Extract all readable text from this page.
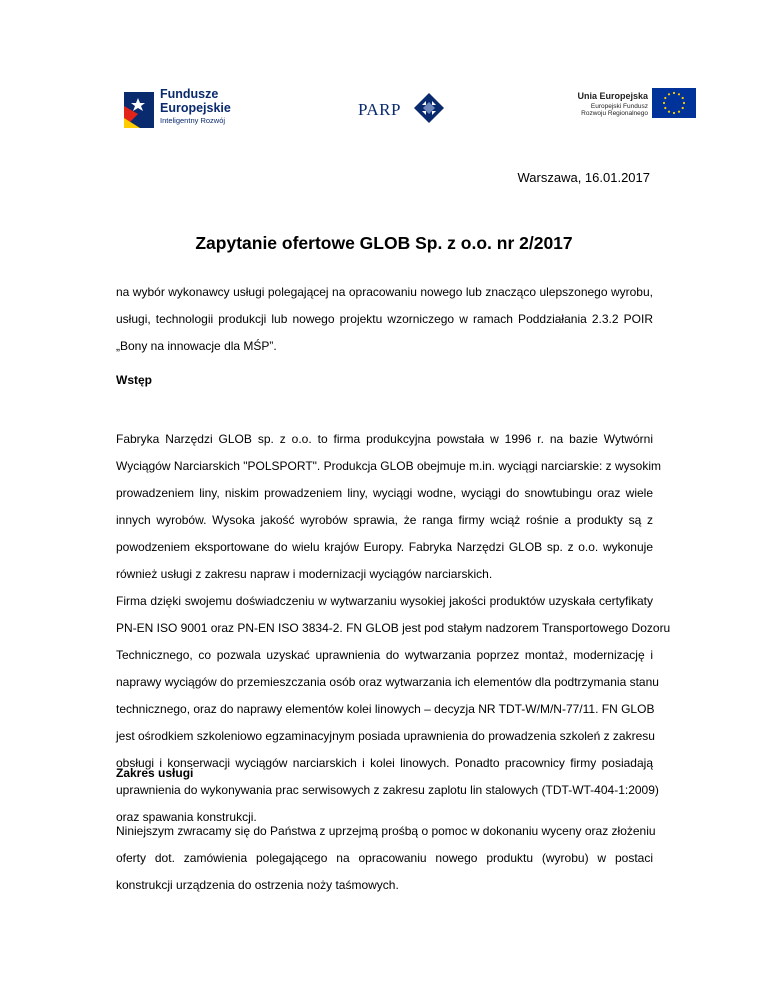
Fundusze
Europejskie
Inteligentny Rozwój
PARP
Unia Europejska
Europejski Fundusz
Rozwoju Regionalnego
Warszawa, 16.01.2017
Zapytanie ofertowe GLOB Sp. z o.o. nr 2/2017
na wybór wykonawcy usługi polegającej na opracowaniu nowego lub znacząco ulepszonego wyrobu,
usługi, technologii produkcji lub nowego projektu wzorniczego w ramach Poddziałania 2.3.2 POIR
„Bony na innowacje dla MŚP”.
Wstęp
Fabryka Narzędzi GLOB sp. z o.o. to firma produkcyjna powstała w 1996 r. na bazie Wytwórni
Wyciągów Narciarskich "POLSPORT". Produkcja GLOB obejmuje m.in. wyciągi narciarskie: z wysokim
prowadzeniem liny, niskim prowadzeniem liny, wyciągi wodne, wyciągi do snowtubingu oraz wiele
innych wyrobów. Wysoka jakość wyrobów sprawia, że ranga firmy wciąż rośnie a produkty są z
powodzeniem eksportowane do wielu krajów Europy. Fabryka Narzędzi GLOB sp. z o.o. wykonuje
również usługi z zakresu napraw i modernizacji wyciągów narciarskich.
Firma dzięki swojemu doświadczeniu w wytwarzaniu wysokiej jakości produktów uzyskała certyfikaty
PN-EN ISO 9001 oraz PN-EN ISO 3834-2. FN GLOB jest pod stałym nadzorem Transportowego Dozoru
Technicznego, co pozwala uzyskać uprawnienia do wytwarzania poprzez montaż, modernizację i
naprawy wyciągów do przemieszczania osób oraz wytwarzania ich elementów dla podtrzymania stanu
technicznego, oraz do naprawy elementów kolei linowych – decyzja NR TDT-W/M/N-77/11. FN GLOB
jest ośrodkiem szkoleniowo egzaminacyjnym posiada uprawnienia do prowadzenia szkoleń z zakresu
obsługi i konserwacji wyciągów narciarskich i kolei linowych. Ponadto pracownicy firmy posiadają
uprawnienia do wykonywania prac serwisowych z zakresu zaplotu lin stalowych (TDT-WT-404-1:2009)
oraz spawania konstrukcji.
Zakres usługi
Niniejszym zwracamy się do Państwa z uprzejmą prośbą o pomoc w dokonaniu wyceny oraz złożeniu
oferty dot. zamówienia polegającego na opracowaniu nowego produktu (wyrobu) w postaci
konstrukcji urządzenia do ostrzenia noży taśmowych.
